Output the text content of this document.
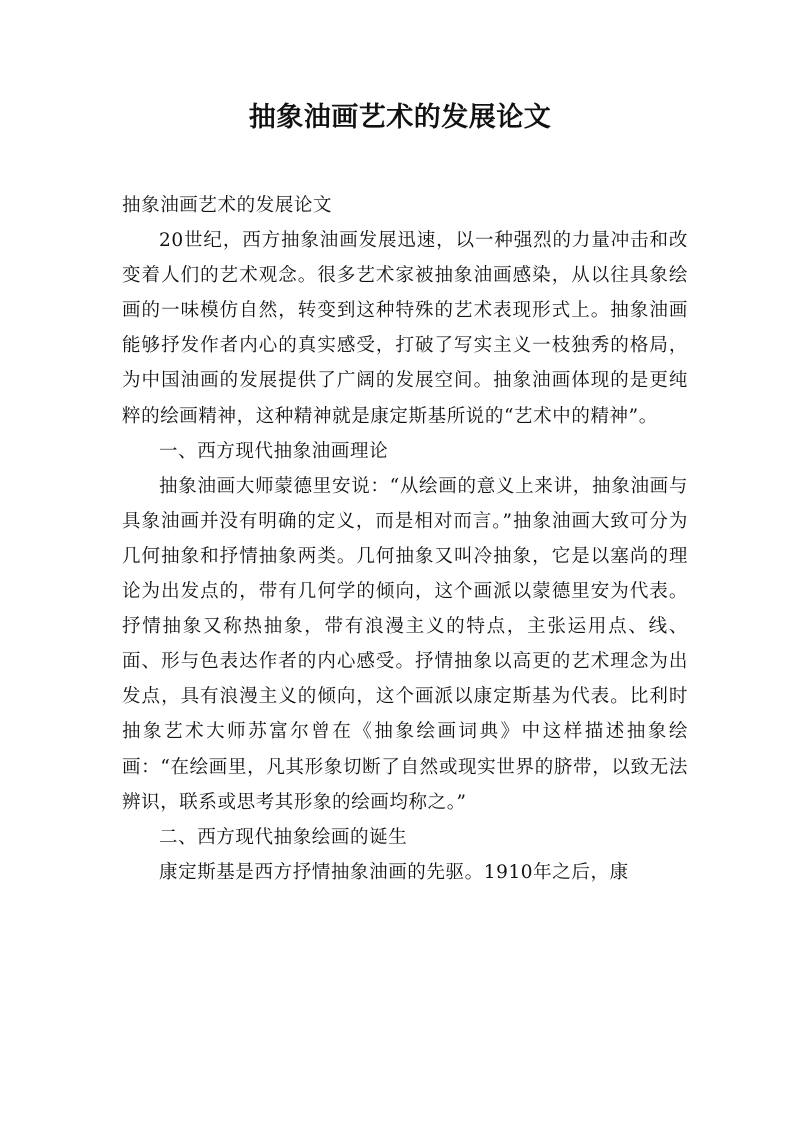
抽象油画艺术的发展论文

抽象油画艺术的发展论文

20世纪，西方抽象油画发展迅速，以一种强烈的力量冲击和改变着人们的艺术观念。很多艺术家被抽象油画感染，从以往具象绘画的一味模仿自然，转变到这种特殊的艺术表现形式上。抽象油画能够抒发作者内心的真实感受，打破了写实主义一枝独秀的格局，为中国油画的发展提供了广阔的发展空间。抽象油画体现的是更纯粹的绘画精神，这种精神就是康定斯基所说的“艺术中的精神”。

一、西方现代抽象油画理论

抽象油画大师蒙德里安说：“从绘画的意义上来讲，抽象油画与具象油画并没有明确的定义，而是相对而言。”抽象油画大致可分为几何抽象和抒情抽象两类。几何抽象又叫冷抽象，它是以塞尚的理论为出发点的，带有几何学的倾向，这个画派以蒙德里安为代表。抒情抽象又称热抽象，带有浪漫主义的特点，主张运用点、线、面、形与色表达作者的内心感受。抒情抽象以高更的艺术理念为出发点，具有浪漫主义的倾向，这个画派以康定斯基为代表。比利时抽象艺术大师苏富尔曾在《抽象绘画词典》中这样描述抽象绘画：“在绘画里，凡其形象切断了自然或现实世界的脐带，以致无法辨识，联系或思考其形象的绘画均称之。”

二、西方现代抽象绘画的诞生

康定斯基是西方抒情抽象油画的先驱。1910年之后，康
